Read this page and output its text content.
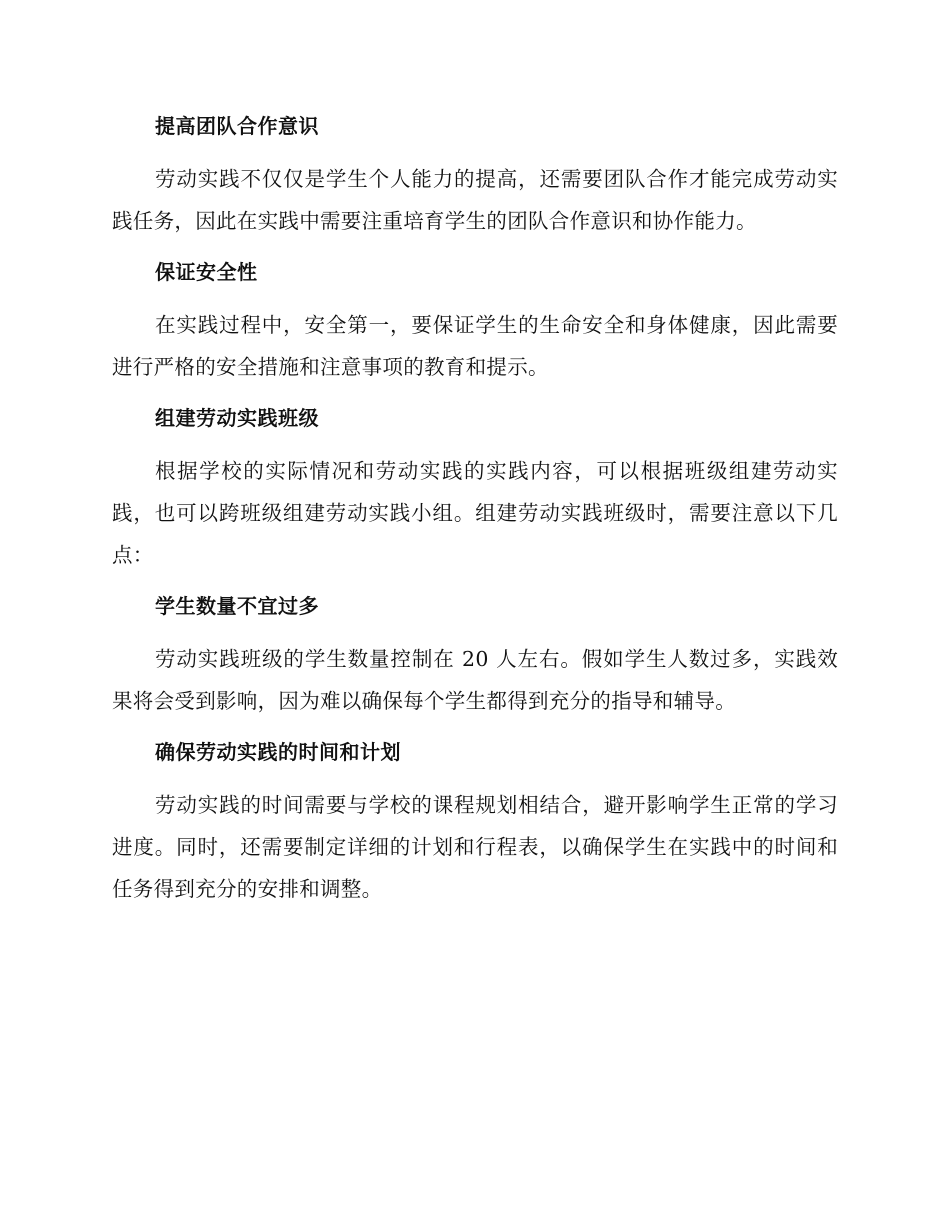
提高团队合作意识

劳动实践不仅仅是学生个人能力的提高，还需要团队合作才能完成劳动实践任务，因此在实践中需要注重培育学生的团队合作意识和协作能力。

保证安全性

在实践过程中，安全第一，要保证学生的生命安全和身体健康，因此需要进行严格的安全措施和注意事项的教育和提示。

组建劳动实践班级

根据学校的实际情况和劳动实践的实践内容，可以根据班级组建劳动实践，也可以跨班级组建劳动实践小组。组建劳动实践班级时，需要注意以下几点：

学生数量不宜过多

劳动实践班级的学生数量控制在 20 人左右。假如学生人数过多，实践效果将会受到影响，因为难以确保每个学生都得到充分的指导和辅导。

确保劳动实践的时间和计划

劳动实践的时间需要与学校的课程规划相结合，避开影响学生正常的学习进度。同时，还需要制定详细的计划和行程表，以确保学生在实践中的时间和任务得到充分的安排和调整。
